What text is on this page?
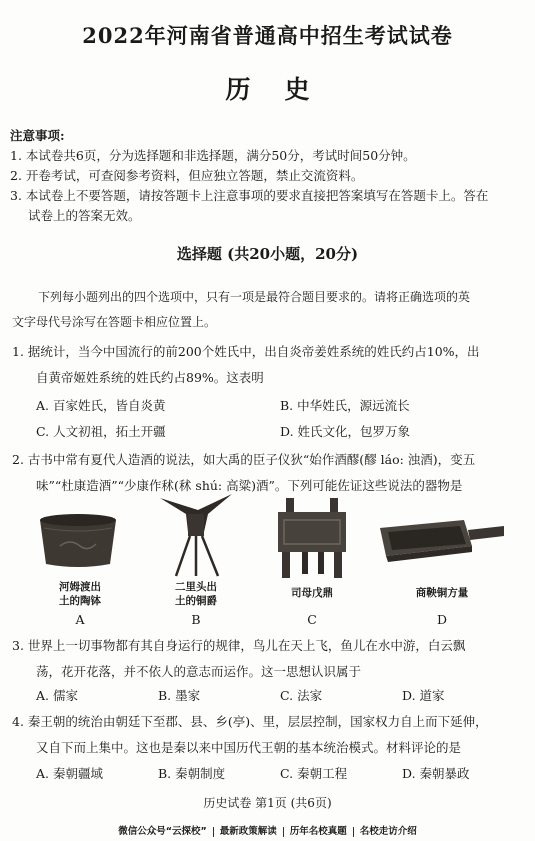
2022年河南省普通高中招生考试试卷
历史
注意事项:
1. 本试卷共6页，分为选择题和非选择题，满分50分，考试时间50分钟。
2. 开卷考试，可查阅参考资料，但应独立答题，禁止交流资料。
3. 本试卷上不要答题，请按答题卡上注意事项的要求直接把答案填写在答题卡上。答在
试卷上的答案无效。
选择题 (共20小题，20分)
下列每小题列出的四个选项中，只有一项是最符合题目要求的。请将正确选项的英
文字母代号涂写在答题卡相应位置上。
1. 据统计，当今中国流行的前200个姓氏中，出自炎帝姜姓系统的姓氏约占10%，出
自黄帝姬姓系统的姓氏约占89%。这表明
A. 百家姓氏，皆自炎黄	B. 中华姓氏，源远流长
C. 人文初祖，拓土开疆	D. 姓氏文化，包罗万象
2. 古书中常有夏代人造酒的说法，如大禹的臣子仪狄“始作酒醪(醪 láo: 浊酒)，变五
味”“杜康造酒”“少康作秫(秫 shú: 高粱)酒”。下列可能佐证这些说法的器物是
河姆渡出
土的陶钵
二里头出
土的铜爵
司母戊鼎	商鞅铜方量
A	B	C	D
3. 世界上一切事物都有其自身运行的规律，鸟儿在天上飞，鱼儿在水中游，白云飘
荡，花开花落，并不依人的意志而运作。这一思想认识属于
A. 儒家	B. 墨家	C. 法家	D. 道家
4. 秦王朝的统治由朝廷下至郡、县、乡(亭)、里，层层控制，国家权力自上而下延伸，
又自下而上集中。这也是秦以来中国历代王朝的基本统治模式。材料评论的是
A. 秦朝疆域	B. 秦朝制度	C. 秦朝工程	D. 秦朝暴政
历史试卷 第1页 (共6页)
微信公众号“云探校” 最新政策解读 历年名校真题 名校走访介绍
